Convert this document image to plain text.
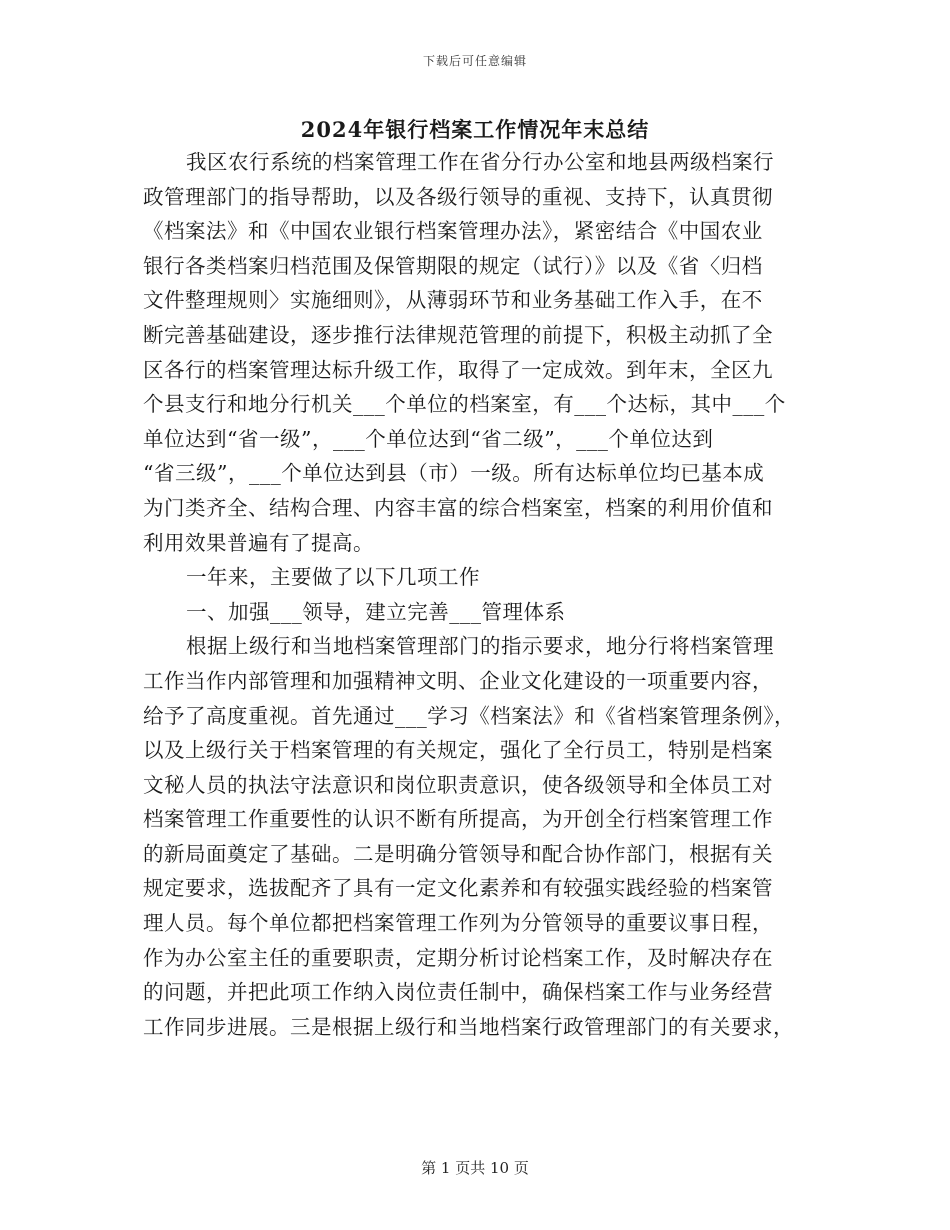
下载后可任意编辑
2024年银行档案工作情况年末总结
我区农行系统的档案管理工作在省分行办公室和地县两级档案行
政管理部门的指导帮助，以及各级行领导的重视、支持下，认真贯彻
《档案法》和《中国农业银行档案管理办法》，紧密结合《中国农业
银行各类档案归档范围及保管期限的规定（试行）》以及《省〈归档
文件整理规则〉实施细则》，从薄弱环节和业务基础工作入手，在不
断完善基础建设，逐步推行法律规范管理的前提下，积极主动抓了全
区各行的档案管理达标升级工作，取得了一定成效。到年末，全区九
个县支行和地分行机关___个单位的档案室，有___个达标，其中___个
单位达到“省一级”，___个单位达到“省二级”，___个单位达到
“省三级”，___个单位达到县（市）一级。所有达标单位均已基本成
为门类齐全、结构合理、内容丰富的综合档案室，档案的利用价值和
利用效果普遍有了提高。
一年来，主要做了以下几项工作
一、加强___领导，建立完善___管理体系
根据上级行和当地档案管理部门的指示要求，地分行将档案管理
工作当作内部管理和加强精神文明、企业文化建设的一项重要内容，
给予了高度重视。首先通过___学习《档案法》和《省档案管理条例》，
以及上级行关于档案管理的有关规定，强化了全行员工，特别是档案
文秘人员的执法守法意识和岗位职责意识，使各级领导和全体员工对
档案管理工作重要性的认识不断有所提高，为开创全行档案管理工作
的新局面奠定了基础。二是明确分管领导和配合协作部门，根据有关
规定要求，选拔配齐了具有一定文化素养和有较强实践经验的档案管
理人员。每个单位都把档案管理工作列为分管领导的重要议事日程，
作为办公室主任的重要职责，定期分析讨论档案工作，及时解决存在
的问题，并把此项工作纳入岗位责任制中，确保档案工作与业务经营
工作同步进展。三是根据上级行和当地档案行政管理部门的有关要求，
第 1 页共 10 页
